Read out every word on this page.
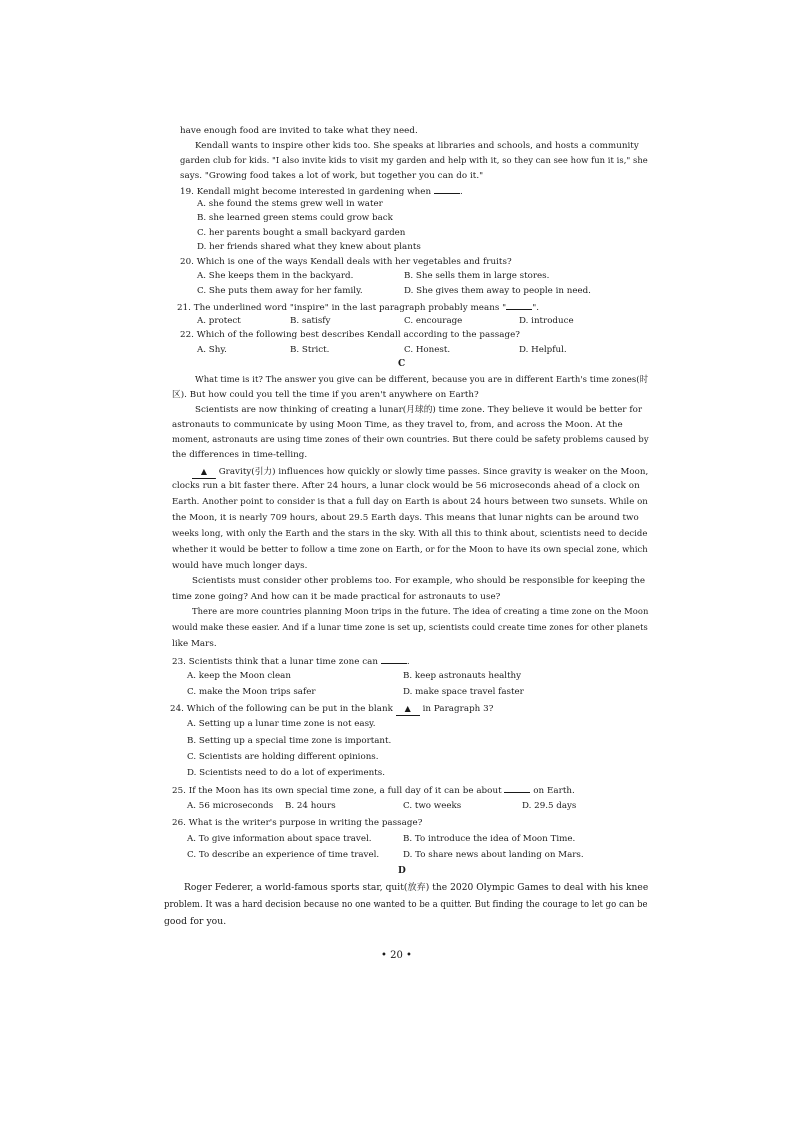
have enough food are invited to take what they need.
Kendall wants to inspire other kids too. She speaks at libraries and schools, and hosts a community
garden club for kids. "I also invite kids to visit my garden and help with it, so they can see how fun it is," she
says. "Growing food takes a lot of work, but together you can do it."
19. Kendall might become interested in gardening when	.
A. she found the stems grew well in water
B. she learned green stems could grow back
C. her parents bought a small backyard garden
D. her friends shared what they knew about plants
20. Which is one of the ways Kendall deals with her vegetables and fruits?
A. She keeps them in the backyard.	B. She sells them in large stores.
C. She puts them away for her family.	D. She gives them away to people in need.
21. The underlined word "inspire" in the last paragraph probably means "	".
A. protect	B. satisfy	C. encourage	D. introduce
22. Which of the following best describes Kendall according to the passage?
A. Shy.	B. Strict.	C. Honest.	D. Helpful.
C
What time is it? The answer you give can be different, because you are in different Earth's time zones(时
区). But how could you tell the time if you aren't anywhere on Earth?
Scientists are now thinking of creating a lunar(月球的) time zone. They believe it would be better for
astronauts to communicate by using Moon Time, as they travel to, from, and across the Moon. At the
moment, astronauts are using time zones of their own countries. But there could be safety problems caused by
the differences in time-telling.
▲ Gravity(引力) influences how quickly or slowly time passes. Since gravity is weaker on the Moon,
clocks run a bit faster there. After 24 hours, a lunar clock would be 56 microseconds ahead of a clock on
Earth. Another point to consider is that a full day on Earth is about 24 hours between two sunsets. While on
the Moon, it is nearly 709 hours, about 29.5 Earth days. This means that lunar nights can be around two
weeks long, with only the Earth and the stars in the sky. With all this to think about, scientists need to decide
whether it would be better to follow a time zone on Earth, or for the Moon to have its own special zone, which
would have much longer days.
Scientists must consider other problems too. For example, who should be responsible for keeping the
time zone going? And how can it be made practical for astronauts to use?
There are more countries planning Moon trips in the future. The idea of creating a time zone on the Moon
would make these easier. And if a lunar time zone is set up, scientists could create time zones for other planets
like Mars.
23. Scientists think that a lunar time zone can	.
A. keep the Moon clean	B. keep astronauts healthy
C. make the Moon trips safer	D. make space travel faster
24. Which of the following can be put in the blank ▲ in Paragraph 3?
A. Setting up a lunar time zone is not easy.
B. Setting up a special time zone is important.
C. Scientists are holding different opinions.
D. Scientists need to do a lot of experiments.
25. If the Moon has its own special time zone, a full day of it can be about	on Earth.
A. 56 microseconds B. 24 hours	C. two weeks	D. 29.5 days
26. What is the writer's purpose in writing the passage?
A. To give information about space travel.	B. To introduce the idea of Moon Time.
C. To describe an experience of time travel.	D. To share news about landing on Mars.
D
Roger Federer, a world-famous sports star, quit(放弃) the 2020 Olympic Games to deal with his knee
problem. It was a hard decision because no one wanted to be a quitter. But finding the courage to let go can be
good for you.
• 20 •
